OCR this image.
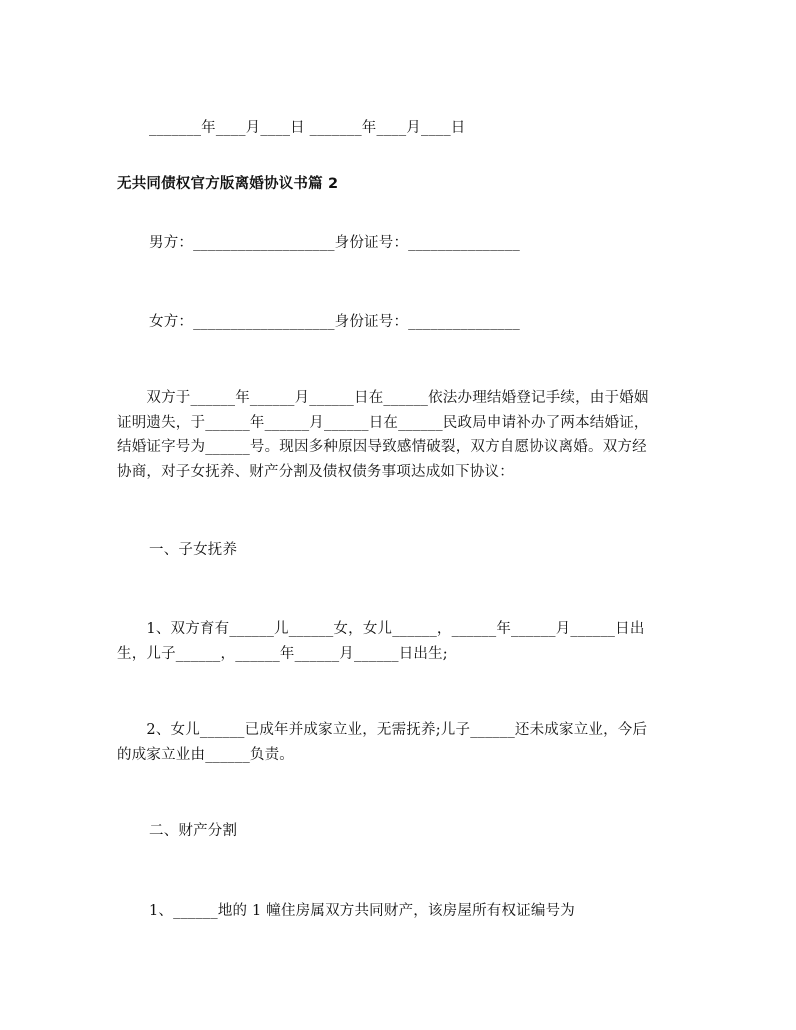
_______年____月____日 _______年____月____日
无共同债权官方版离婚协议书篇 2
男方：___________________身份证号：_______________
女方：___________________身份证号：_______________
　　双方于______年______月______日在______依法办理结婚登记手续，由于婚姻
证明遗失，于______年______月______日在______民政局申请补办了两本结婚证，
结婚证字号为______号。现因多种原因导致感情破裂，双方自愿协议离婚。双方经
协商，对子女抚养、财产分割及债权债务事项达成如下协议：
一、子女抚养
　　1、双方育有______儿______女，女儿______，______年______月______日出
生，儿子______，______年______月______日出生;
　　2、女儿______已成年并成家立业，无需抚养;儿子______还未成家立业，今后
的成家立业由______负责。
二、财产分割
1、______地的 1 幢住房属双方共同财产，该房屋所有权证编号为
